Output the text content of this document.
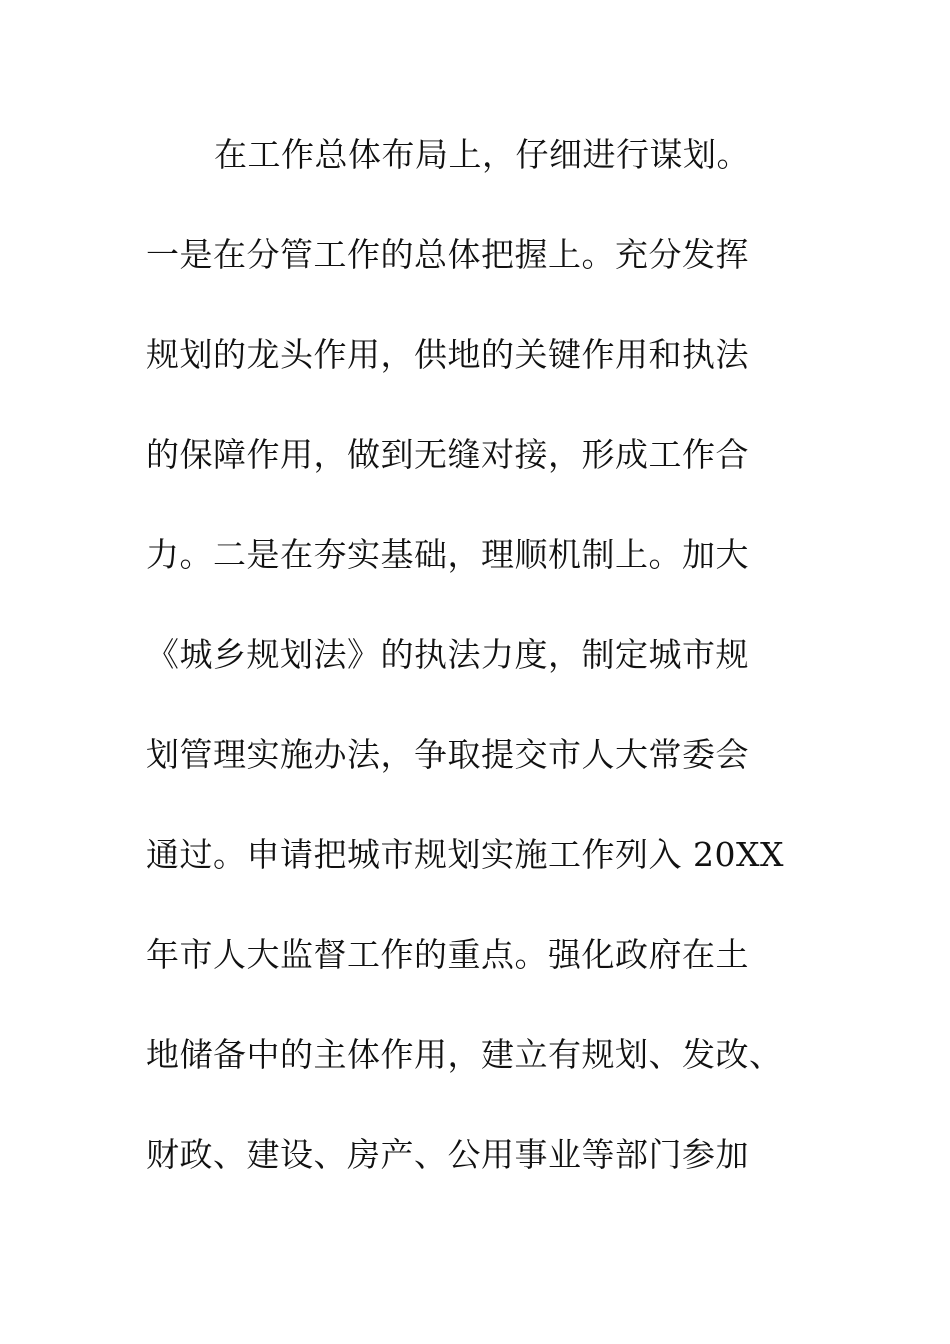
在工作总体布局上，仔细进行谋划。
一是在分管工作的总体把握上。充分发挥
规划的龙头作用，供地的关键作用和执法
的保障作用，做到无缝对接，形成工作合
力。二是在夯实基础，理顺机制上。加大
《城乡规划法》的执法力度，制定城市规
划管理实施办法，争取提交市人大常委会
通过。申请把城市规划实施工作列入 20XX
年市人大监督工作的重点。强化政府在土
地储备中的主体作用，建立有规划、发改、
财政、建设、房产、公用事业等部门参加
